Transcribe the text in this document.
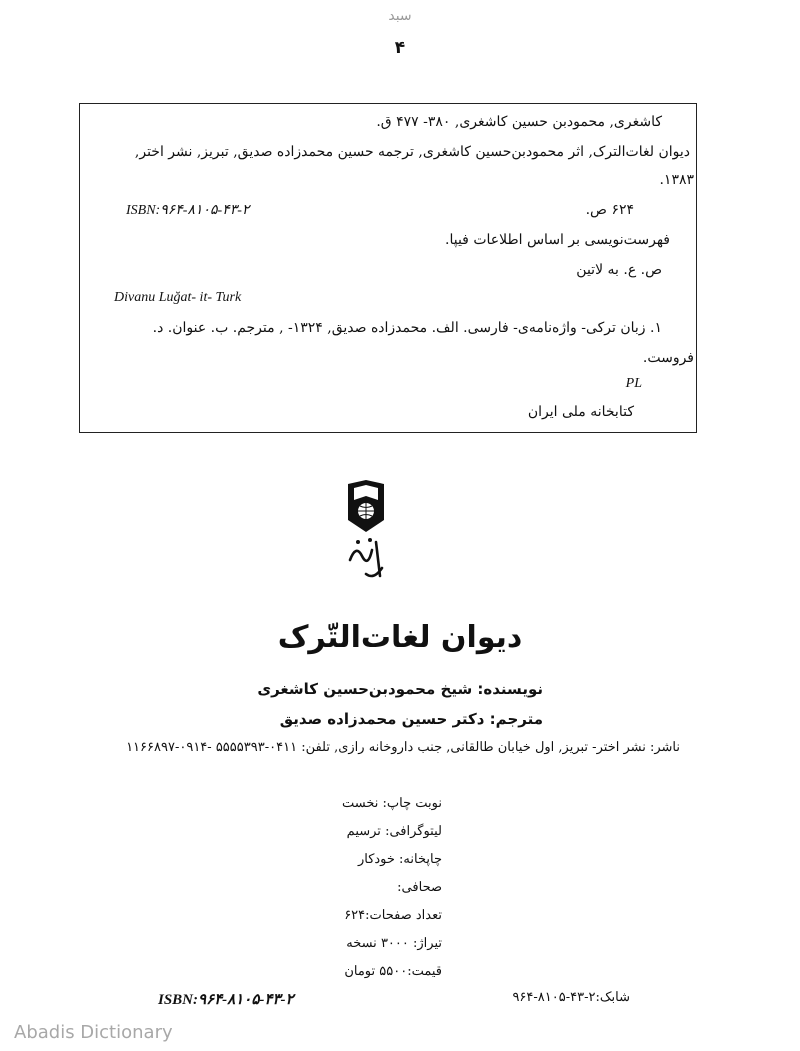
سبد
۴
کاشغری, محمودبن حسین کاشغری, ۳۸۰- ۴۷۷ ق.
دیوان لغات‌الترک, اثر محمودبن‌حسین کاشغری, ترجمه حسین محمدزاده صدیق, تبریز, نشر اختر,
۱۳۸۳.
۶۲۴ ص.
ISBN:۹۶۴-۸۱۰۵-۴۳-۲
فهرست‌نویسی بر اساس اطلاعات فیپا.
ص. ع. به لاتین
Divanu Luğat- it- Turk
۱. زبان ترکی- واژه‌نامه‌ی- فارسی. الف. محمدزاده صدیق, ۱۳۲۴- , مترجم. ب. عنوان. د.
فروست.
PL
کتابخانه ملی ایران
دیوان لغات‌التّرک
نویسنده: شیخ محمودبن‌حسین کاشغری
مترجم: دکتر حسین محمدزاده صدیق
ناشر: نشر اختر- تبریز, اول خیابان طالقانی, جنب داروخانه رازی, تلفن: ۰۴۱۱-۵۵۵۵۳۹۳ -۰۹۱۴-۱۱۶۶۸۹۷
نوبت چاپ: نخست
لیتوگرافی: ترسیم
چاپخانه: خودکار
صحافی:
تعداد صفحات:۶۲۴
تیراژ: ۳۰۰۰ نسخه
قیمت:۵۵۰۰ تومان
ISBN:۹۶۴-۸۱۰۵-۴۳-۲	شابک:۲-۴۳-۸۱۰۵-۹۶۴
Abadis Dictionary
